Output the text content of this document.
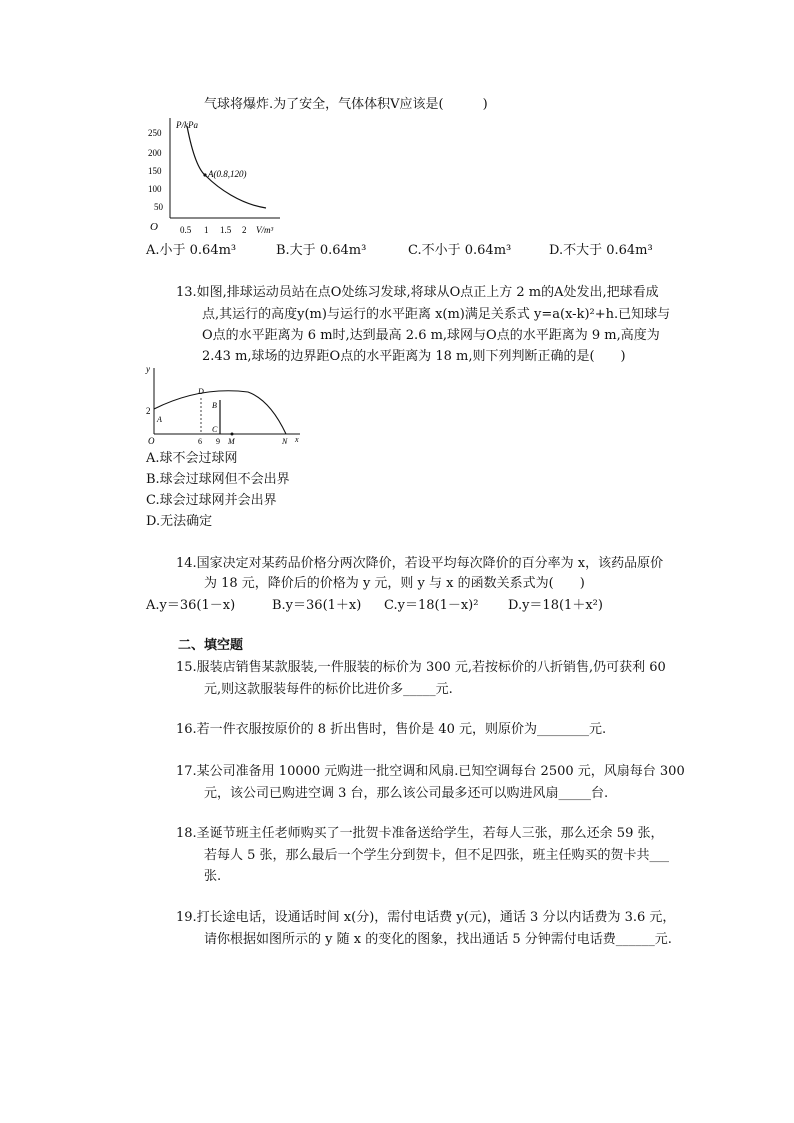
气球将爆炸.为了安全，气体体积V应该是(　　　)
P/kPa
250
200
150
100
50
O 0.5 1 1.5 2 V/m³
A(0.8,120)
A.小于 0.64m³	B.大于 0.64m³	C.不小于 0.64m³	D.不大于 0.64m³
13.如图,排球运动员站在点O处练习发球,将球从O点正上方 2 m的A处发出,把球看成
点,其运行的高度y(m)与运行的水平距离 x(m)满足关系式 y=a(x-k)²+h.已知球与
O点的水平距离为 6 m时,达到最高 2.6 m,球网与O点的水平距离为 9 m,高度为
2.43 m,球场的边界距O点的水平距离为 18 m,则下列判断正确的是(　　)
y
x
O
2
A
D
B
C
6 9 M	N
A.球不会过球网
B.球会过球网但不会出界
C.球会过球网并会出界
D.无法确定
14.国家决定对某药品价格分两次降价，若设平均每次降价的百分率为 x，该药品原价
为 18 元，降价后的价格为 y 元，则 y 与 x 的函数关系式为(　　)
A.y＝36(1－x)	B.y＝36(1＋x) C.y＝18(1－x)² D.y＝18(1＋x²)
二、填空题
15.服装店销售某款服装,一件服装的标价为 300 元,若按标价的八折销售,仍可获利 60
元,则这款服装每件的标价比进价多_____元.
16.若一件衣服按原价的 8 折出售时，售价是 40 元，则原价为________元.
17.某公司准备用 10000 元购进一批空调和风扇.已知空调每台 2500 元，风扇每台 300
元，该公司已购进空调 3 台，那么该公司最多还可以购进风扇_____台.
18.圣诞节班主任老师购买了一批贺卡准备送给学生，若每人三张，那么还余 59 张，
若每人 5 张，那么最后一个学生分到贺卡，但不足四张，班主任购买的贺卡共___
张.
19.打长途电话，设通话时间 x(分)，需付电话费 y(元)，通话 3 分以内话费为 3.6 元，
请你根据如图所示的 y 随 x 的变化的图象，找出通话 5 分钟需付电话费______元.
